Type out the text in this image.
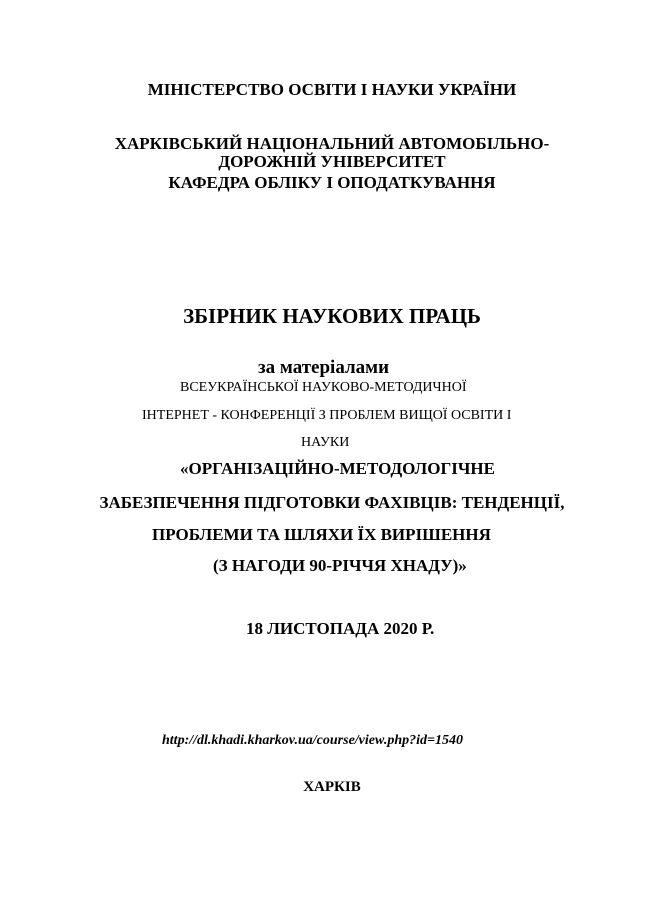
МІНІСТЕРСТВО ОСВІТИ І НАУКИ УКРАЇНИ
ХАРКІВСЬКИЙ НАЦІОНАЛЬНИЙ АВТОМОБІЛЬНО-
ДОРОЖНІЙ УНІВЕРСИТЕТ
КАФЕДРА ОБЛІКУ І ОПОДАТКУВАННЯ
ЗБІРНИК НАУКОВИХ ПРАЦЬ
за матеріалами
ВСЕУКРАЇНСЬКОЇ НАУКОВО-МЕТОДИЧНОЇ
ІНТЕРНЕТ - КОНФЕРЕНЦІЇ З ПРОБЛЕМ ВИЩОЇ ОСВІТИ І
НАУКИ
«ОРГАНІЗАЦІЙНО-МЕТОДОЛОГІЧНЕ
ЗАБЕЗПЕЧЕННЯ ПІДГОТОВКИ ФАХІВЦІВ: ТЕНДЕНЦІЇ,
ПРОБЛЕМИ ТА ШЛЯХИ ЇХ ВИРІШЕННЯ
(З НАГОДИ 90-РІЧЧЯ ХНАДУ)»
18 ЛИСТОПАДА 2020 Р.
http://dl.khadi.kharkov.ua/course/view.php?id=1540
ХАРКІВ
